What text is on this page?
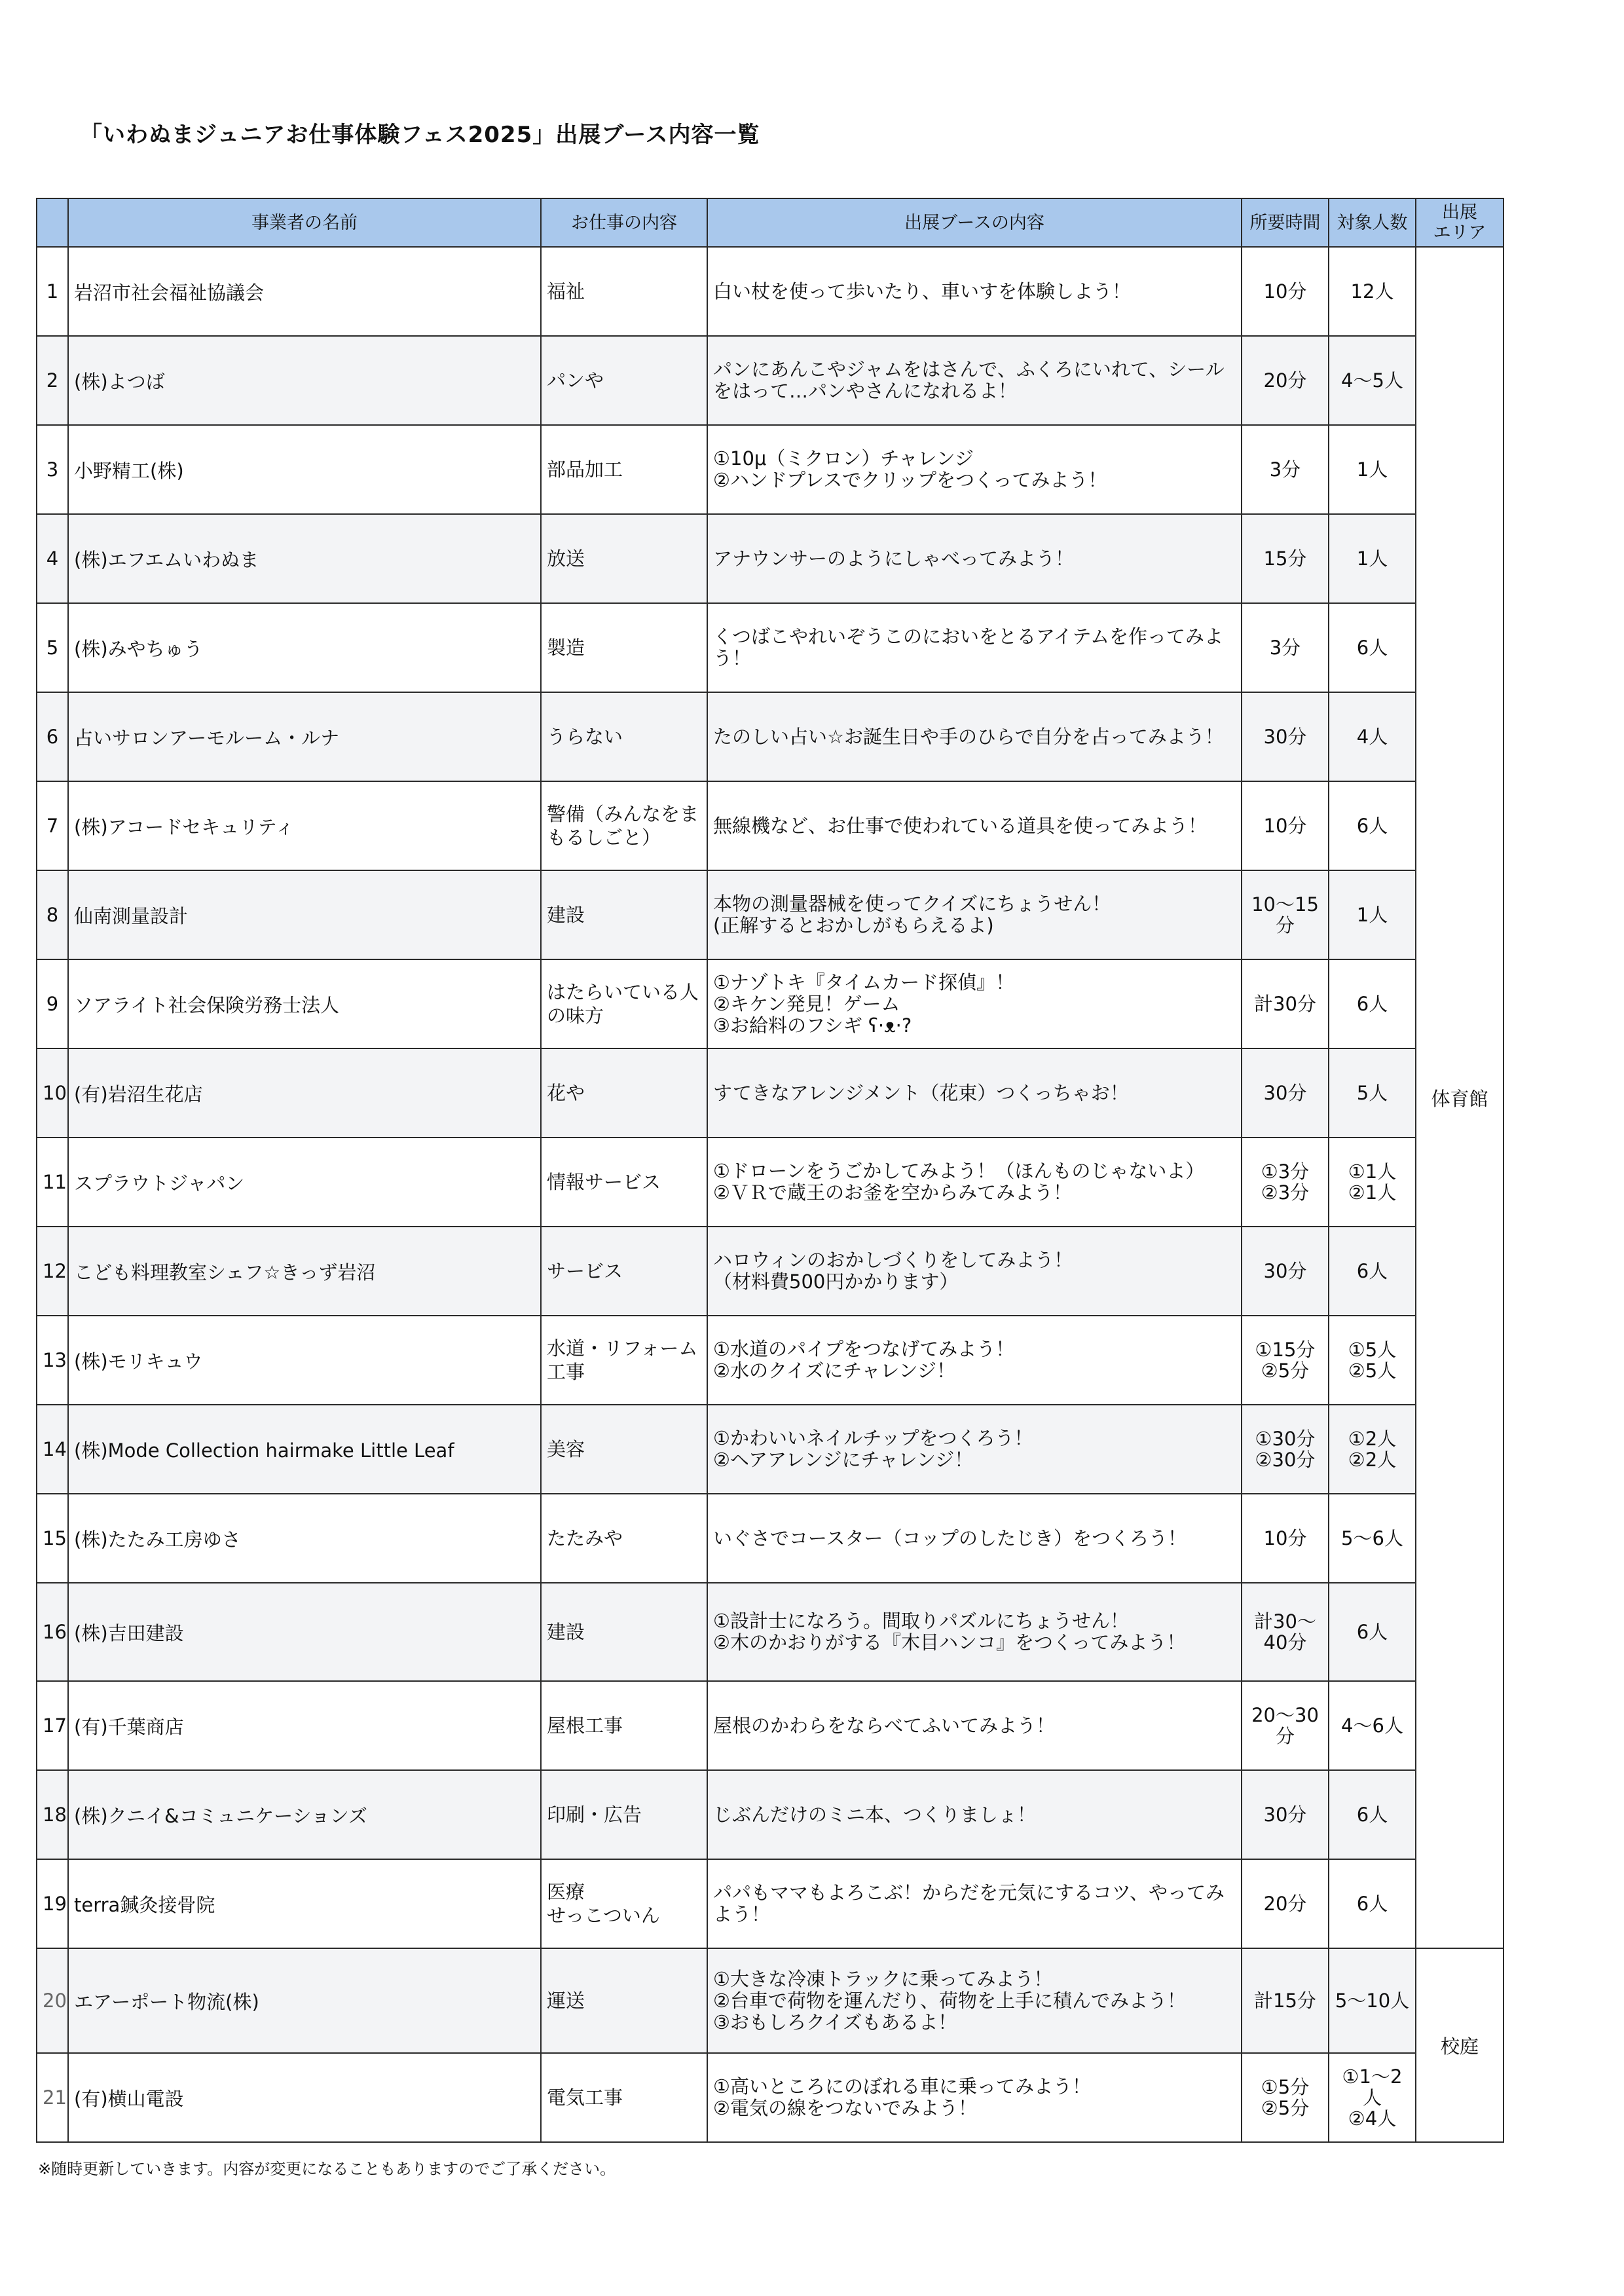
「いわぬまジュニアお仕事体験フェス2025」出展ブース内容一覧
	事業者の名前	お仕事の内容	出展ブースの内容	所要時間	対象人数	出展
エリア
1	岩沼市社会福祉協議会	福祉	白い杖を使って歩いたり、車いすを体験しよう！	10分	12人	体育館
2	(株)よつば	パンや	パンにあんこやジャムをはさんで、ふくろにいれて、シールをはって…パンやさんになれるよ！	20分	4〜5人	
3	小野精工(株)	部品加工	①10μ（ミクロン）チャレンジ
②ハンドプレスでクリップをつくってみよう！	3分	1人	
4	(株)エフエムいわぬま	放送	アナウンサーのようにしゃべってみよう！	15分	1人	
5	(株)みやちゅう	製造	くつばこやれいぞうこのにおいをとるアイテムを作ってみよう！	3分	6人	
6	占いサロンアーモルーム・ルナ	うらない	たのしい占い☆お誕生日や手のひらで自分を占ってみよう！	30分	4人	
7	(株)アコードセキュリティ	警備（みんなをまもるしごと）	無線機など、お仕事で使われている道具を使ってみよう！	10分	6人	
8	仙南測量設計	建設	本物の測量器械を使ってクイズにちょうせん！
(正解するとおかしがもらえるよ)	10〜15分	1人	
9	ソアライト社会保険労務士法人	はたらいている人の味方	①ナゾトキ『タイムカード探偵』！
②キケン発見！ゲーム
③お給料のフシギ ʕ·ᴥ·?	計30分	6人	
10	(有)岩沼生花店	花や	すてきなアレンジメント（花束）つくっちゃお！	30分	5人	
11	スプラウトジャパン	情報サービス	①ドローンをうごかしてみよう！（ほんものじゃないよ）
②ＶＲで蔵王のお釜を空からみてみよう！	①3分
②3分	①1人
②1人	
12	こども料理教室シェフ☆きっず岩沼	サービス	ハロウィンのおかしづくりをしてみよう！
（材料費500円かかります）	30分	6人	
13	(株)モリキュウ	水道・リフォーム工事	①水道のパイプをつなげてみよう！
②水のクイズにチャレンジ！	①15分
②5分	①5人
②5人	
14	(株)Mode Collection hairmake Little Leaf	美容	①かわいいネイルチップをつくろう！
②ヘアアレンジにチャレンジ！	①30分
②30分	①2人
②2人	
15	(株)たたみ工房ゆさ	たたみや	いぐさでコースター（コップのしたじき）をつくろう！	10分	5〜6人	
16	(株)吉田建設	建設	①設計士になろう。間取りパズルにちょうせん！
②木のかおりがする『木目ハンコ』をつくってみよう！	計30〜40分	6人	
17	(有)千葉商店	屋根工事	屋根のかわらをならべてふいてみよう！	20〜30分	4〜6人	
18	(株)クニイ&コミュニケーションズ	印刷・広告	じぶんだけのミニ本、つくりましょ！	30分	6人	
19	terra鍼灸接骨院	医療
せっこついん	パパもママもよろこぶ！からだを元気にするコツ、やってみよう！	20分	6人	
20	エアーポート物流(株)	運送	①大きな冷凍トラックに乗ってみよう！
②台車で荷物を運んだり、荷物を上手に積んでみよう！
③おもしろクイズもあるよ！	計15分	5〜10人	校庭
21	(有)横山電設	電気工事	①高いところにのぼれる車に乗ってみよう！
②電気の線をつないでみよう！	①5分
②5分	①1〜2人
②4人	
※随時更新していきます。内容が変更になることもありますのでご了承ください。
